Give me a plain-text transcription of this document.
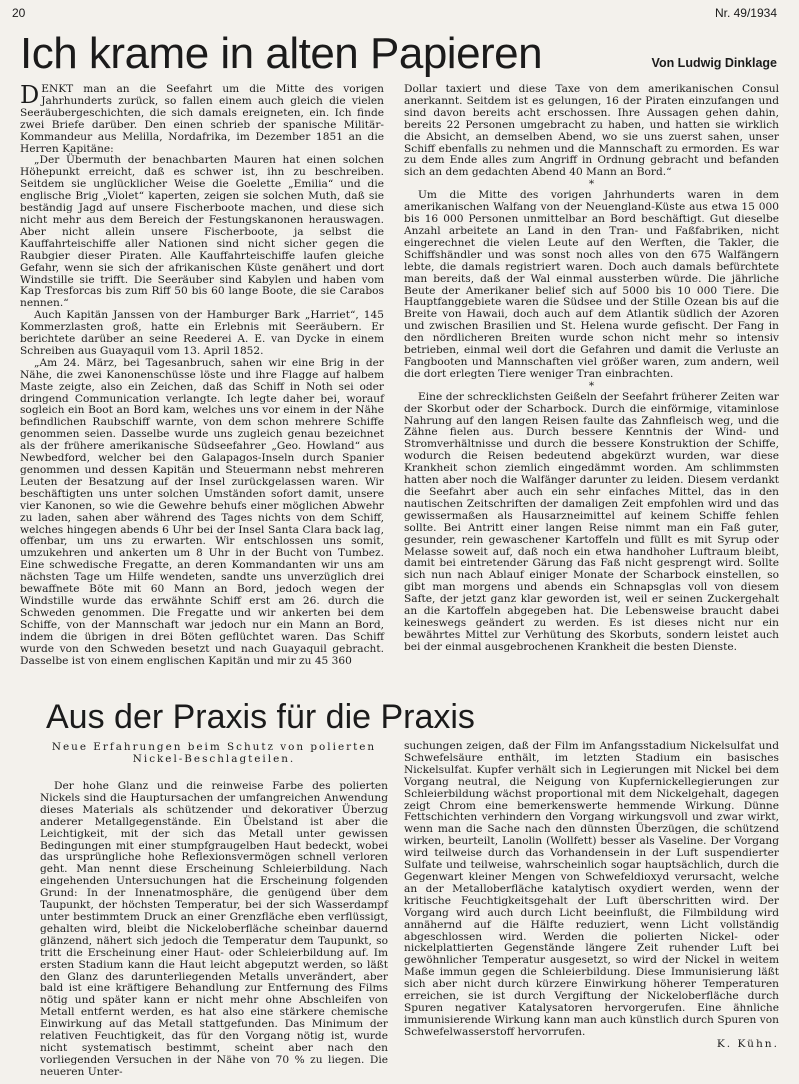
20	Nr. 49/1934
Ich krame in alten Papieren	Von Ludwig Dinklage

DENKT man an die Seefahrt um die Mitte des vorigen Jahrhunderts zurück, so fallen einem auch gleich die vielen Seeräubergeschichten, die sich damals ereigneten, ein. Ich finde zwei Briefe darüber. Den einen schrieb der spanische Militär-Kommandeur aus Melilla, Nordafrika, im Dezember 1851 an die Herren Kapitäne:

„Der Übermuth der benachbarten Mauren hat einen solchen Höhepunkt erreicht, daß es schwer ist, ihn zu beschreiben. Seitdem sie unglücklicher Weise die Goelette „Emilia“ und die englische Brig „Violet“ kaperten, zeigen sie solchen Muth, daß sie beständig Jagd auf unsere Fischerboote machen, und diese sich nicht mehr aus dem Bereich der Festungskanonen herauswagen. Aber nicht allein unsere Fischerboote, ja selbst die Kauffahrteischiffe aller Nationen sind nicht sicher gegen die Raubgier dieser Piraten. Alle Kauffahrteischiffe laufen gleiche Gefahr, wenn sie sich der afrikanischen Küste genähert und dort Windstille sie trifft. Die Seeräuber sind Kabylen und haben vom Kap Tresforcas bis zum Riff 50 bis 60 lange Boote, die sie Carabos nennen.“

Auch Kapitän Janssen von der Hamburger Bark „Harriet“, 145 Kommerzlasten groß, hatte ein Erlebnis mit Seeräubern. Er berichtete darüber an seine Reederei A. E. van Dycke in einem Schreiben aus Guayaquil vom 13. April 1852.

„Am 24. März, bei Tagesanbruch, sahen wir eine Brig in der Nähe, die zwei Kanonenschüsse löste und ihre Flagge auf halbem Maste zeigte, also ein Zeichen, daß das Schiff in Noth sei oder dringend Communication verlangte. Ich legte daher bei, worauf sogleich ein Boot an Bord kam, welches uns vor einem in der Nähe befindlichen Raubschiff warnte, von dem schon mehrere Schiffe genommen seien. Dasselbe wurde uns zugleich genau bezeichnet als der frühere amerikanische Südseefahrer „Geo. Howland“ aus Newbedford, welcher bei den Galapagos-Inseln durch Spanier genommen und dessen Kapitän und Steuermann nebst mehreren Leuten der Besatzung auf der Insel zurückgelassen waren. Wir beschäftigten uns unter solchen Umständen sofort damit, unsere vier Kanonen, so wie die Gewehre behufs einer möglichen Abwehr zu laden, sahen aber während des Tages nichts von dem Schiff, welches hingegen abends 6 Uhr bei der Insel Santa Clara back lag, offenbar, um uns zu erwarten. Wir entschlossen uns somit, umzukehren und ankerten um 8 Uhr in der Bucht von Tumbez. Eine schwedische Fregatte, an deren Kommandanten wir uns am nächsten Tage um Hilfe wendeten, sandte uns unverzüglich drei bewaffnete Böte mit 60 Mann an Bord, jedoch wegen der Windstille wurde das erwähnte Schiff erst am 26. durch die Schweden genommen. Die Fregatte und wir ankerten bei dem Schiffe, von der Mannschaft war jedoch nur ein Mann an Bord, indem die übrigen in drei Böten geflüchtet waren. Das Schiff wurde von den Schweden besetzt und nach Guayaquil gebracht. Dasselbe ist von einem englischen Kapitän und mir zu 45 360

Dollar taxiert und diese Taxe von dem amerikanischen Consul anerkannt. Seitdem ist es gelungen, 16 der Piraten einzufangen und sind davon bereits acht erschossen. Ihre Aussagen gehen dahin, bereits 22 Personen umgebracht zu haben, und hatten sie wirklich die Absicht, an demselben Abend, wo sie uns zuerst sahen, unser Schiff ebenfalls zu nehmen und die Mannschaft zu ermorden. Es war zu dem Ende alles zum Angriff in Ordnung gebracht und befanden sich an dem gedachten Abend 40 Mann an Bord.“

*

Um die Mitte des vorigen Jahrhunderts waren in dem amerikanischen Walfang von der Neuengland-Küste aus etwa 15 000 bis 16 000 Personen unmittelbar an Bord beschäftigt. Gut dieselbe Anzahl arbeitete an Land in den Tran- und Faßfabriken, nicht eingerechnet die vielen Leute auf den Werften, die Takler, die Schiffshändler und was sonst noch alles von den 675 Walfängern lebte, die damals registriert waren. Doch auch damals befürchtete man bereits, daß der Wal einmal aussterben würde. Die jährliche Beute der Amerikaner belief sich auf 5000 bis 10 000 Tiere. Die Hauptfanggebiete waren die Südsee und der Stille Ozean bis auf die Breite von Hawaii, doch auch auf dem Atlantik südlich der Azoren und zwischen Brasilien und St. Helena wurde gefischt. Der Fang in den nördlicheren Breiten wurde schon nicht mehr so intensiv betrieben, einmal weil dort die Gefahren und damit die Verluste an Fangbooten und Mannschaften viel größer waren, zum andern, weil die dort erlegten Tiere weniger Tran einbrachten.

*

Eine der schrecklichsten Geißeln der Seefahrt früherer Zeiten war der Skorbut oder der Scharbock. Durch die einförmige, vitaminlose Nahrung auf den langen Reisen faulte das Zahnfleisch weg, und die Zähne fielen aus. Durch bessere Kenntnis der Wind- und Stromverhältnisse und durch die bessere Konstruktion der Schiffe, wodurch die Reisen bedeutend abgekürzt wurden, war diese Krankheit schon ziemlich eingedämmt worden. Am schlimmsten hatten aber noch die Walfänger darunter zu leiden. Diesem verdankt die Seefahrt aber auch ein sehr einfaches Mittel, das in den nautischen Zeitschriften der damaligen Zeit empfohlen wird und das gewissermaßen als Hausarzneimittel auf keinem Schiffe fehlen sollte. Bei Antritt einer langen Reise nimmt man ein Faß guter, gesunder, rein gewaschener Kartoffeln und füllt es mit Syrup oder Melasse soweit auf, daß noch ein etwa handhoher Luftraum bleibt, damit bei eintretender Gärung das Faß nicht gesprengt wird. Sollte sich nun nach Ablauf einiger Monate der Scharbock einstellen, so gibt man morgens und abends ein Schnapsglas voll von diesem Safte, der jetzt ganz klar geworden ist, weil er seinen Zuckergehalt an die Kartoffeln abgegeben hat. Die Lebensweise braucht dabei keineswegs geändert zu werden. Es ist dieses nicht nur ein bewährtes Mittel zur Verhütung des Skorbuts, sondern leistet auch bei der einmal ausgebrochenen Krankheit die besten Dienste.

Aus der Praxis für die Praxis
Neue Erfahrungen beim Schutz von polierten Nickel-Beschlagteilen.

Der hohe Glanz und die reinweise Farbe des polierten Nickels sind die Hauptursachen der umfangreichen Anwendung dieses Materials als schützender und dekorativer Überzug anderer Metallgegenstände. Ein Übelstand ist aber die Leichtigkeit, mit der sich das Metall unter gewissen Bedingungen mit einer stumpfgraugelben Haut bedeckt, wobei das ursprüngliche hohe Reflexionsvermögen schnell verloren geht. Man nennt diese Erscheinung Schleierbildung. Nach eingehenden Untersuchungen hat die Erscheinung folgenden Grund: In der Innenatmosphäre, die genügend über dem Taupunkt, der höchsten Temperatur, bei der sich Wasserdampf unter bestimmtem Druck an einer Grenzfläche eben verflüssigt, gehalten wird, bleibt die Nickeloberfläche scheinbar dauernd glänzend, nähert sich jedoch die Temperatur dem Taupunkt, so tritt die Erscheinung einer Haut- oder Schleierbildung auf. Im ersten Stadium kann die Haut leicht abgeputzt werden, so läßt den Glanz des darunterliegenden Metalls unverändert, aber bald ist eine kräftigere Behandlung zur Entfernung des Films nötig und später kann er nicht mehr ohne Abschleifen von Metall entfernt werden, es hat also eine stärkere chemische Einwirkung auf das Metall stattgefunden. Das Minimum der relativen Feuchtigkeit, das für den Vorgang nötig ist, wurde nicht systematisch bestimmt, scheint aber nach den vorliegenden Versuchen in der Nähe von 70 % zu liegen. Die neueren Unter-

suchungen zeigen, daß der Film im Anfangsstadium Nickelsulfat und Schwefelsäure enthält, im letzten Stadium ein basisches Nickelsulfat. Kupfer verhält sich in Legierungen mit Nickel bei dem Vorgang neutral, die Neigung von Kupfernickellegierungen zur Schleierbildung wächst proportional mit dem Nickelgehalt, dagegen zeigt Chrom eine bemerkenswerte hemmende Wirkung. Dünne Fettschichten verhindern den Vorgang wirkungsvoll und zwar wirkt, wenn man die Sache nach den dünnsten Überzügen, die schützend wirken, beurteilt, Lanolin (Wollfett) besser als Vaseline. Der Vorgang wird teilweise durch das Vorhandensein in der Luft suspendierter Sulfate und teilweise, wahrscheinlich sogar hauptsächlich, durch die Gegenwart kleiner Mengen von Schwefeldioxyd verursacht, welche an der Metalloberfläche katalytisch oxydiert werden, wenn der kritische Feuchtigkeitsgehalt der Luft überschritten wird. Der Vorgang wird auch durch Licht beeinflußt, die Filmbildung wird annähernd auf die Hälfte reduziert, wenn Licht vollständig abgeschlossen wird. Werden die polierten Nickel- oder nickelplattierten Gegenstände längere Zeit ruhender Luft bei gewöhnlicher Temperatur ausgesetzt, so wird der Nickel in weitem Maße immun gegen die Schleierbildung. Diese Immunisierung läßt sich aber nicht durch kürzere Einwirkung höherer Temperaturen erreichen, sie ist durch Vergiftung der Nickeloberfläche durch Spuren negativer Katalysatoren hervorgerufen. Eine ähnliche immunisierende Wirkung kann man auch künstlich durch Spuren von Schwefelwasserstoff hervorrufen.

K. Kühn.
